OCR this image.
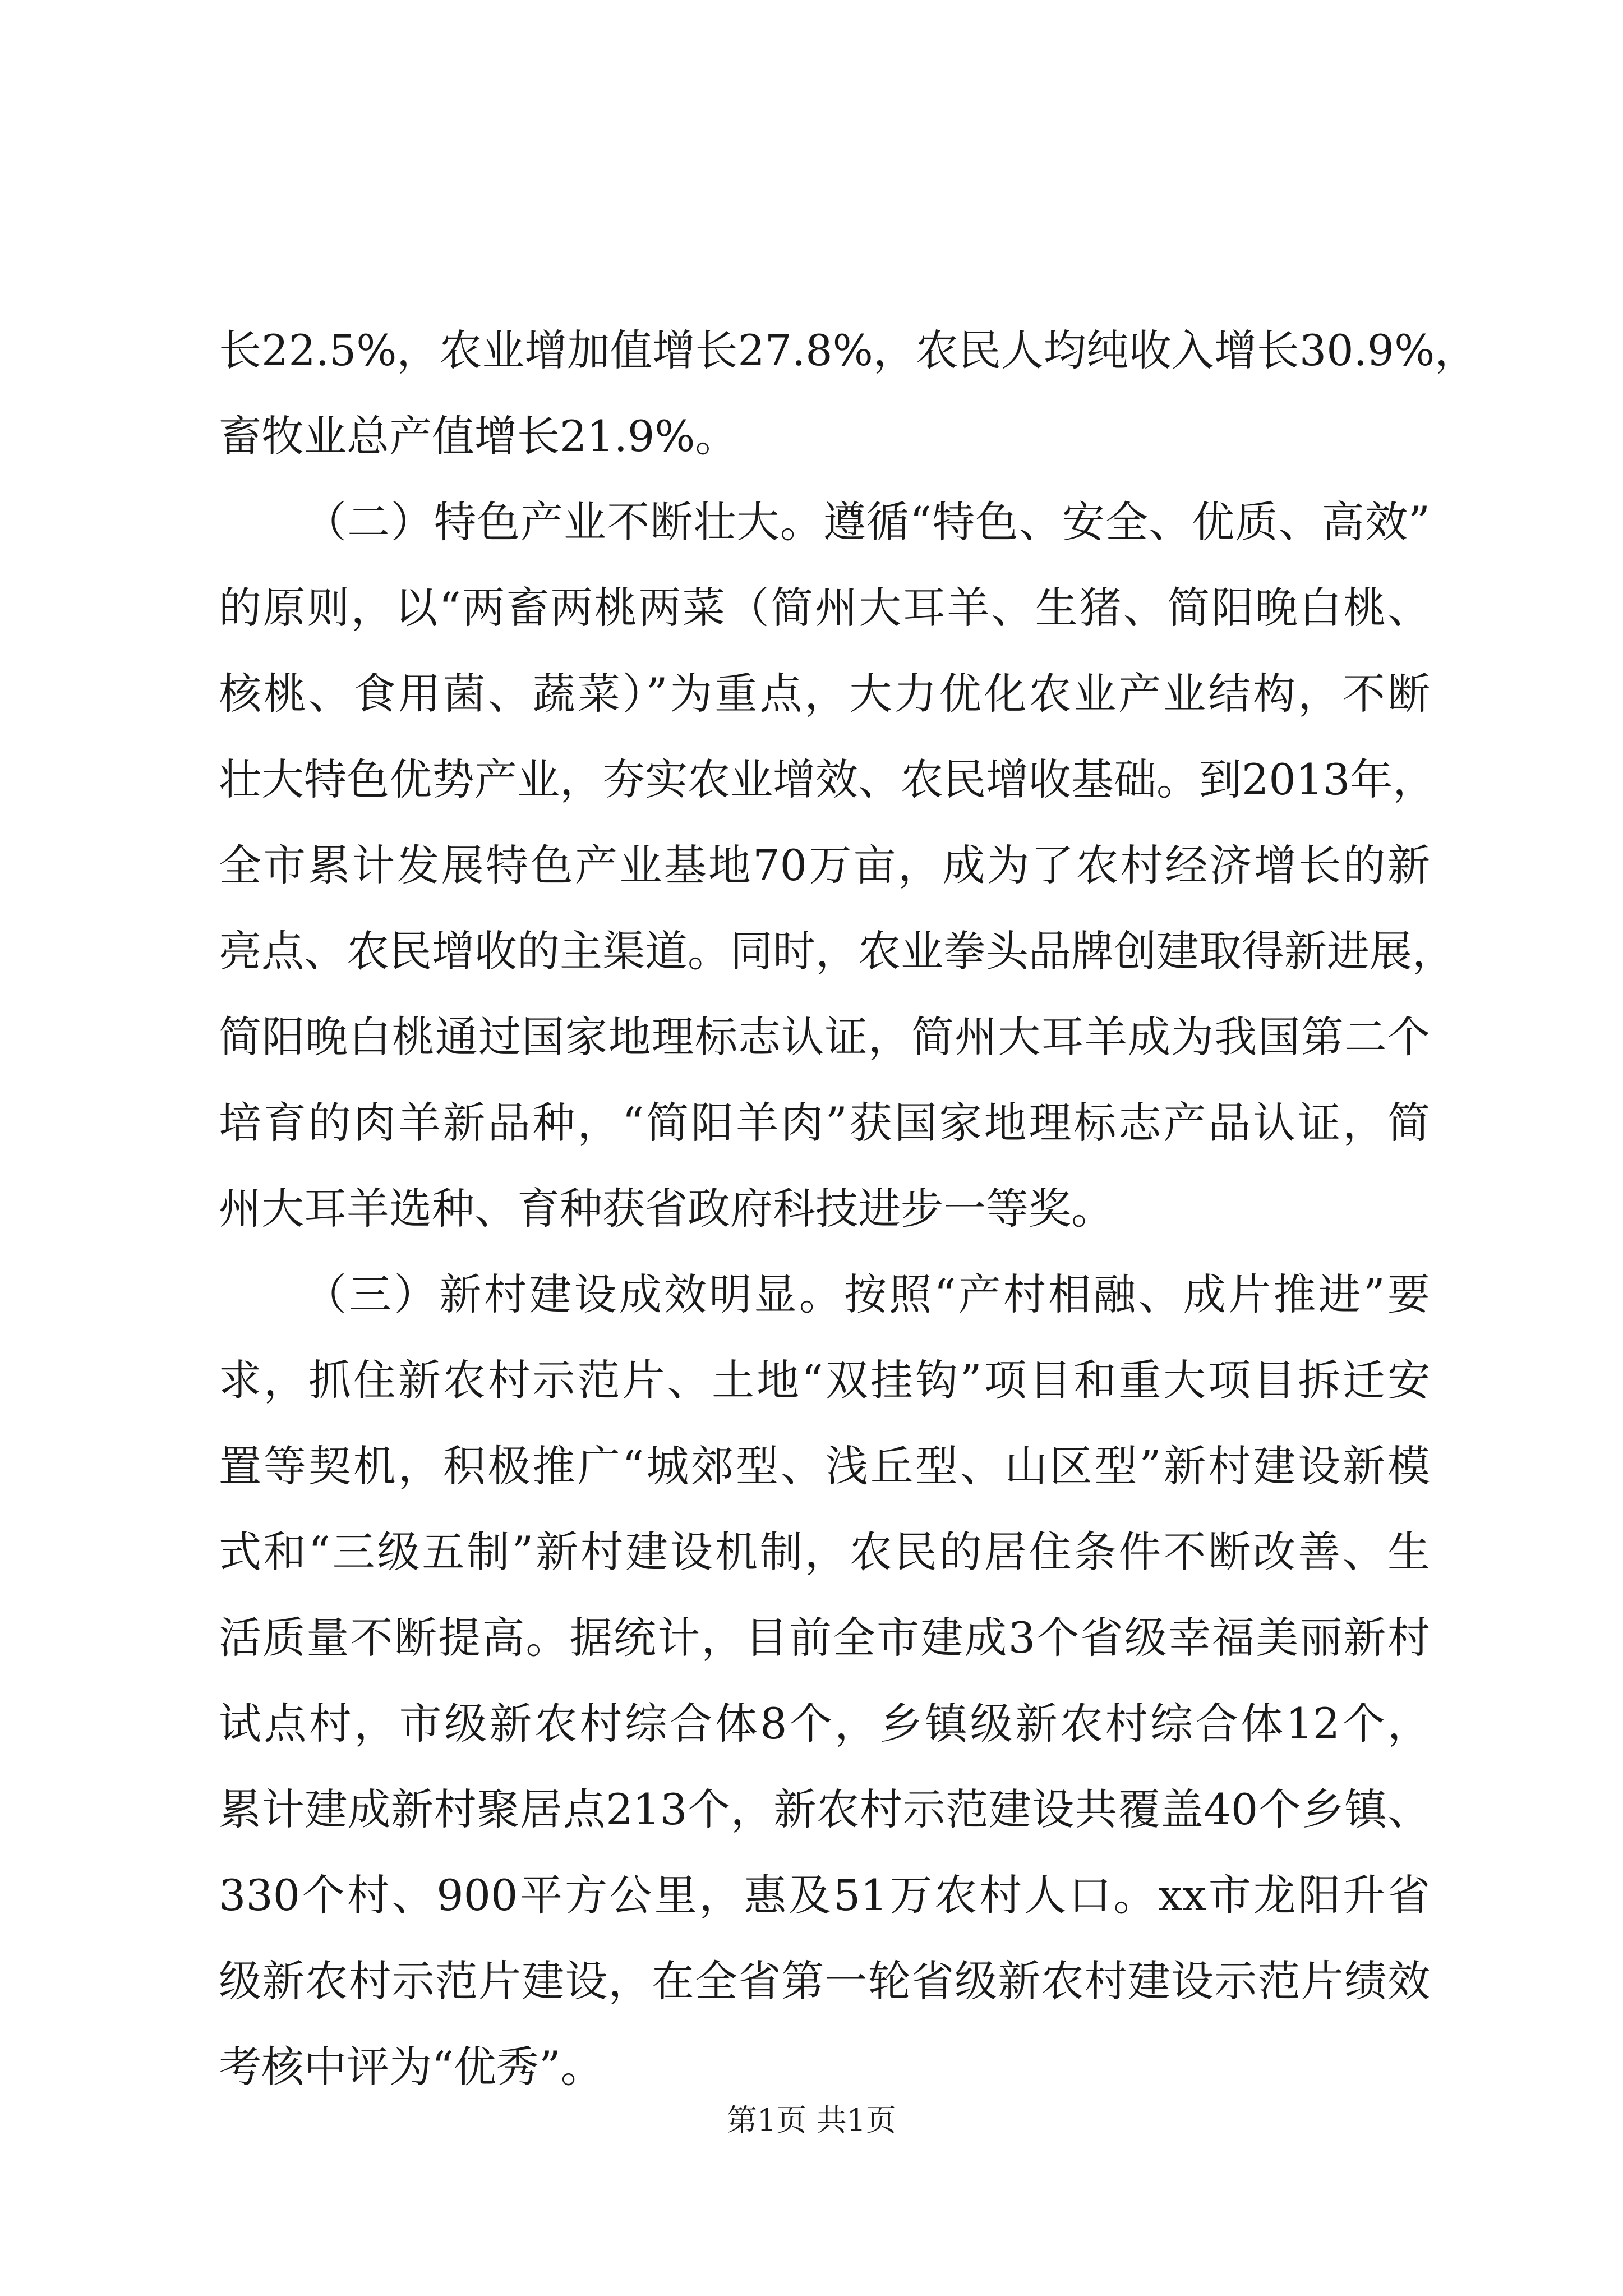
长22.5%，农业增加值增长27.8%，农民人均纯收入增长30.9%，
畜牧业总产值增长21.9%。
（二）特色产业不断壮大。遵循“特色、安全、优质、高效”
的原则，以“两畜两桃两菜（简州大耳羊、生猪、简阳晚白桃、
核桃、食用菌、蔬菜）”为重点，大力优化农业产业结构，不断
壮大特色优势产业，夯实农业增效、农民增收基础。到2013年，
全市累计发展特色产业基地70万亩，成为了农村经济增长的新
亮点、农民增收的主渠道。同时，农业拳头品牌创建取得新进展，
简阳晚白桃通过国家地理标志认证，简州大耳羊成为我国第二个
培育的肉羊新品种，“简阳羊肉”获国家地理标志产品认证，简
州大耳羊选种、育种获省政府科技进步一等奖。
（三）新村建设成效明显。按照“产村相融、成片推进”要
求，抓住新农村示范片、土地“双挂钩”项目和重大项目拆迁安
置等契机，积极推广“城郊型、浅丘型、山区型”新村建设新模
式和“三级五制”新村建设机制，农民的居住条件不断改善、生
活质量不断提高。据统计，目前全市建成3个省级幸福美丽新村
试点村，市级新农村综合体8个，乡镇级新农村综合体12个，
累计建成新村聚居点213个，新农村示范建设共覆盖40个乡镇、
330个村、900平方公里，惠及51万农村人口。xx市龙阳升省
级新农村示范片建设，在全省第一轮省级新农村建设示范片绩效
考核中评为“优秀”。
第1页 共1页
